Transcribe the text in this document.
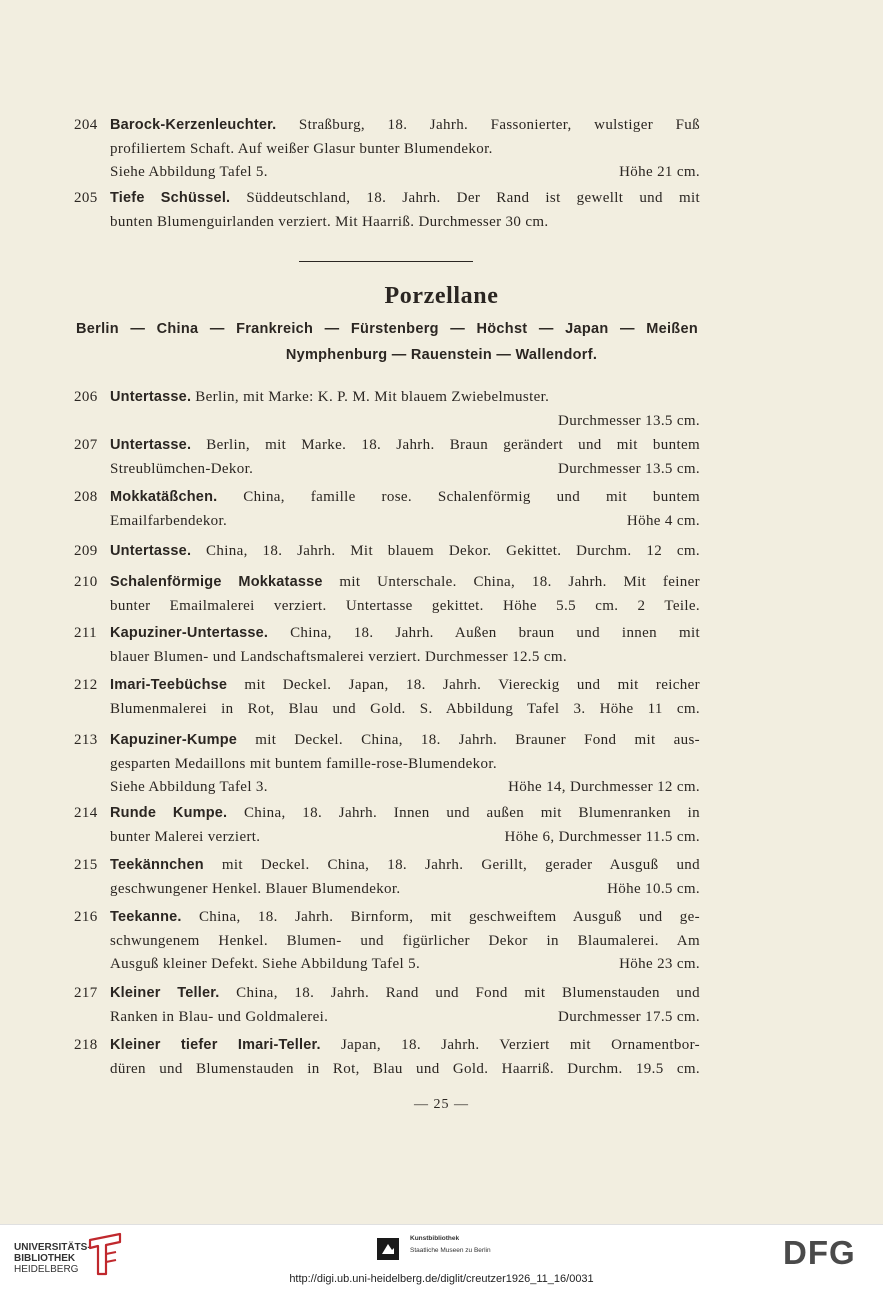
204 Barock-Kerzenleuchter. Straßburg, 18. Jahrh. Fassonierter, wulstiger Fuß
profiliertem Schaft. Auf weißer Glasur bunter Blumendekor.
Siehe Abbildung Tafel 5.	Höhe 21 cm.
205 Tiefe Schüssel. Süddeutschland, 18. Jahrh. Der Rand ist gewellt und mit
bunten Blumenguirlanden verziert. Mit Haarriß. Durchmesser 30 cm.
Porzellane
Berlin — China — Frankreich — Fürstenberg — Höchst — Japan — Meißen
Nymphenburg — Rauenstein — Wallendorf.
206 Untertasse. Berlin, mit Marke: K. P. M. Mit blauem Zwiebelmuster.
Durchmesser 13.5 cm.
207 Untertasse. Berlin, mit Marke. 18. Jahrh. Braun gerändert und mit buntem
Streublümchen-Dekor.	Durchmesser 13.5 cm.
208 Mokkatäßchen. China, famille rose. Schalenförmig und mit buntem
Emailfarbendekor.	Höhe 4 cm.
209 Untertasse. China, 18. Jahrh. Mit blauem Dekor. Gekittet. Durchm. 12 cm.
210 Schalenförmige Mokkatasse mit Unterschale. China, 18. Jahrh. Mit feiner
bunter Emailmalerei verziert. Untertasse gekittet. Höhe 5.5 cm. 2 Teile.
211 Kapuziner-Untertasse. China, 18. Jahrh. Außen braun und innen mit
blauer Blumen- und Landschaftsmalerei verziert. Durchmesser 12.5 cm.
212 Imari-Teebüchse mit Deckel. Japan, 18. Jahrh. Viereckig und mit reicher
Blumenmalerei in Rot, Blau und Gold. S. Abbildung Tafel 3. Höhe 11 cm.
213 Kapuziner-Kumpe mit Deckel. China, 18. Jahrh. Brauner Fond mit aus-
gesparten Medaillons mit buntem famille-rose-Blumendekor.
Siehe Abbildung Tafel 3.	Höhe 14, Durchmesser 12 cm.
214 Runde Kumpe. China, 18. Jahrh. Innen und außen mit Blumenranken in
bunter Malerei verziert.	Höhe 6, Durchmesser 11.5 cm.
215 Teekännchen mit Deckel. China, 18. Jahrh. Gerillt, gerader Ausguß und
geschwungener Henkel. Blauer Blumendekor.	Höhe 10.5 cm.
216 Teekanne. China, 18. Jahrh. Birnform, mit geschweiftem Ausguß und ge-
schwungenem Henkel. Blumen- und figürlicher Dekor in Blaumalerei. Am
Ausguß kleiner Defekt. Siehe Abbildung Tafel 5.	Höhe 23 cm.
217 Kleiner Teller. China, 18. Jahrh. Rand und Fond mit Blumenstauden und
Ranken in Blau- und Goldmalerei.	Durchmesser 17.5 cm.
218 Kleiner tiefer Imari-Teller. Japan, 18. Jahrh. Verziert mit Ornamentbor-
düren und Blumenstauden in Rot, Blau und Gold. Haarriß. Durchm. 19.5 cm.
— 25 —
UNIVERSITÄTS-
BIBLIOTHEK
HEIDELBERG
Kunstbibliothek
Staatliche Museen zu Berlin
http://digi.ub.uni-heidelberg.de/diglit/creutzer1926_11_16/0031
DFG
